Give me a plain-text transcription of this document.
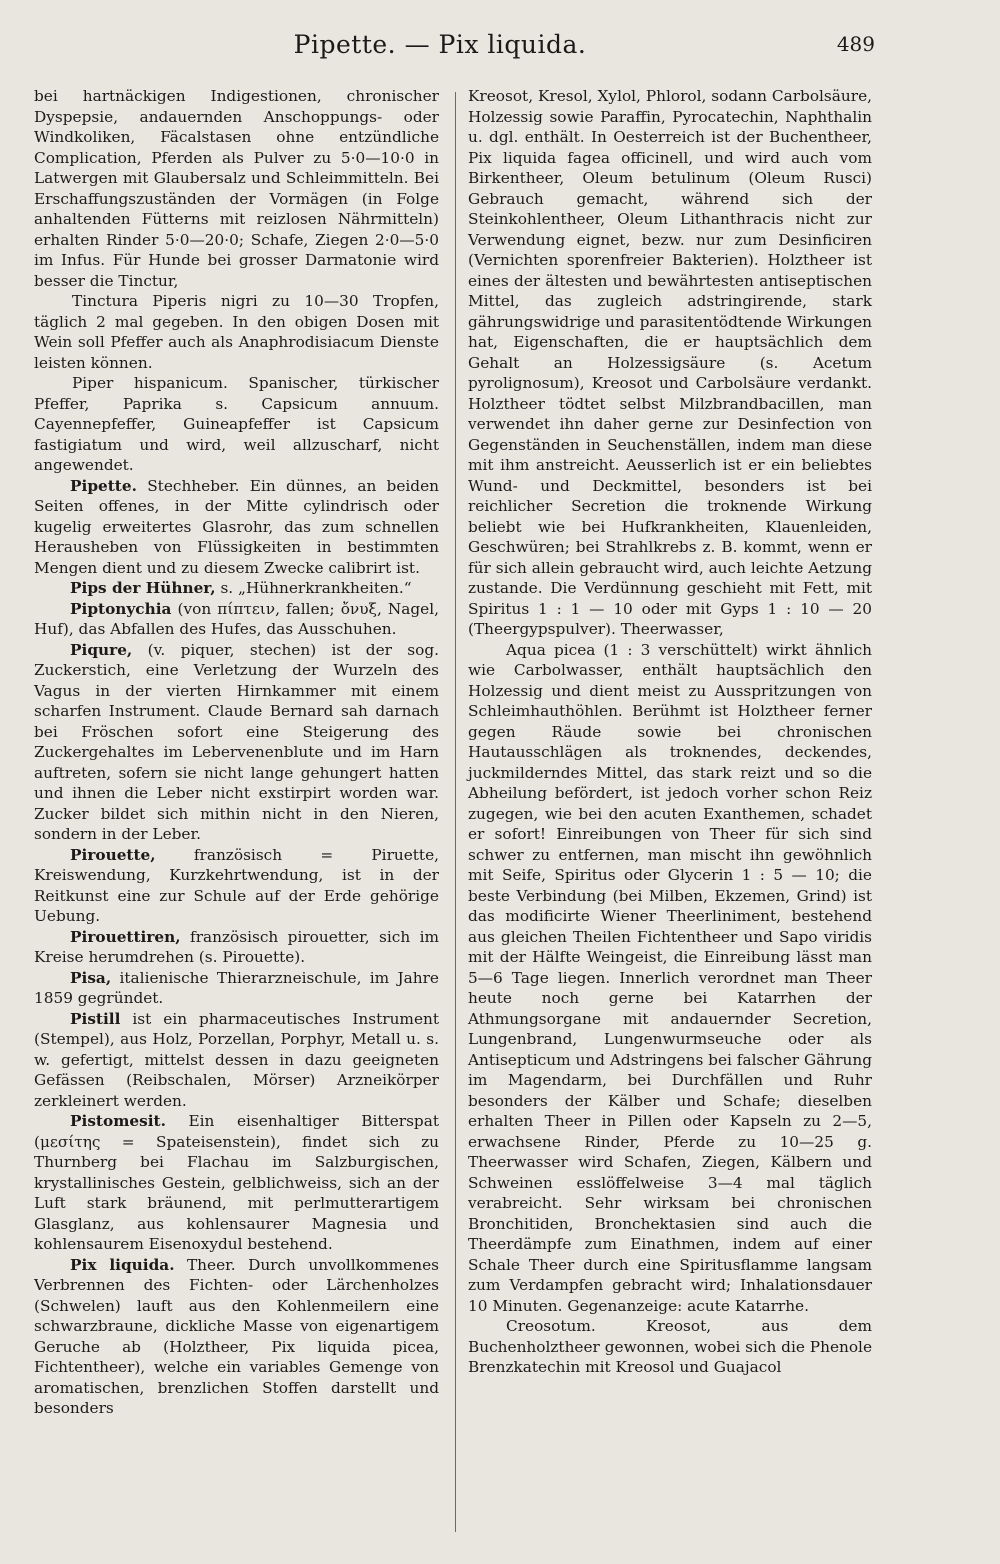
Pipette. — Pix liquida.	489

bei hartnäckigen Indigestionen, chronischer Dyspepsie, andauernden Anschoppungs- oder Windkoliken, Fäcalstasen ohne entzündliche Complication, Pferden als Pulver zu 5·0—10·0 in Latwergen mit Glaubersalz und Schleimmitteln. Bei Erschaffungszuständen der Vormägen (in Folge anhaltenden Fütterns mit reizlosen Nährmitteln) erhalten Rinder 5·0—20·0; Schafe, Ziegen 2·0—5·0 im Infus. Für Hunde bei grosser Darmatonie wird besser die Tinctur,

Tinctura Piperis nigri zu 10—30 Tropfen, täglich 2 mal gegeben. In den obigen Dosen mit Wein soll Pfeffer auch als Anaphrodisiacum Dienste leisten können.

Piper hispanicum. Spanischer, türkischer Pfeffer, Paprika s. Capsicum annuum. Cayennepfeffer, Guineapfeffer ist Capsicum fastigiatum und wird, weil allzuscharf, nicht angewendet.

Pipette. Stechheber. Ein dünnes, an beiden Seiten offenes, in der Mitte cylindrisch oder kugelig erweitertes Glasrohr, das zum schnellen Herausheben von Flüssigkeiten in bestimmten Mengen dient und zu diesem Zwecke calibrirt ist.

Pips der Hühner, s. „Hühnerkrankheiten.“

Piptonychia (von πίπτειν, fallen; ὄνυξ, Nagel, Huf), das Abfallen des Hufes, das Ausschuhen.

Piqure, (v. piquer, stechen) ist der sog. Zuckerstich, eine Verletzung der Wurzeln des Vagus in der vierten Hirnkammer mit einem scharfen Instrument. Claude Bernard sah darnach bei Fröschen sofort eine Steigerung des Zuckergehaltes im Lebervenenblute und im Harn auftreten, sofern sie nicht lange gehungert hatten und ihnen die Leber nicht exstirpirt worden war. Zucker bildet sich mithin nicht in den Nieren, sondern in der Leber.

Pirouette, französisch = Piruette, Kreiswendung, Kurzkehrtwendung, ist in der Reitkunst eine zur Schule auf der Erde gehörige Uebung.

Pirouettiren, französisch pirouetter, sich im Kreise herumdrehen (s. Pirouette).

Pisa, italienische Thierarzneischule, im Jahre 1859 gegründet.

Pistill ist ein pharmaceutisches Instrument (Stempel), aus Holz, Porzellan, Porphyr, Metall u. s. w. gefertigt, mittelst dessen in dazu geeigneten Gefässen (Reibschalen, Mörser) Arzneikörper zerkleinert werden.

Pistomesit. Ein eisenhaltiger Bitterspat (μεσίτης = Spateisenstein), findet sich zu Thurnberg bei Flachau im Salzburgischen, krystallinisches Gestein, gelblichweiss, sich an der Luft stark bräunend, mit perlmutterartigem Glasglanz, aus kohlensaurer Magnesia und kohlensaurem Eisenoxydul bestehend.

Pix liquida. Theer. Durch unvollkommenes Verbrennen des Fichten- oder Lärchenholzes (Schwelen) lauft aus den Kohlenmeilern eine schwarzbraune, dickliche Masse von eigenartigem Geruche ab (Holztheer, Pix liquida picea, Fichtentheer), welche ein variables Gemenge von aromatischen, brenzlichen Stoffen darstellt und besonders

Kreosot, Kresol, Xylol, Phlorol, sodann Carbolsäure, Holzessig sowie Paraffin, Pyrocatechin, Naphthalin u. dgl. enthält. In Oesterreich ist der Buchentheer, Pix liquida fagea officinell, und wird auch vom Birkentheer, Oleum betulinum (Oleum Rusci) Gebrauch gemacht, während sich der Steinkohlentheer, Oleum Lithanthracis nicht zur Verwendung eignet, bezw. nur zum Desinficiren (Vernichten sporenfreier Bakterien). Holztheer ist eines der ältesten und bewährtesten antiseptischen Mittel, das zugleich adstringirende, stark gährungswidrige und parasitentödtende Wirkungen hat, Eigenschaften, die er hauptsächlich dem Gehalt an Holzessigsäure (s. Acetum pyrolignosum), Kreosot und Carbolsäure verdankt. Holztheer tödtet selbst Milzbrandbacillen, man verwendet ihn daher gerne zur Desinfection von Gegenständen in Seuchenställen, indem man diese mit ihm anstreicht. Aeusserlich ist er ein beliebtes Wund- und Deckmittel, besonders ist bei reichlicher Secretion die troknende Wirkung beliebt wie bei Hufkrankheiten, Klauenleiden, Geschwüren; bei Strahlkrebs z. B. kommt, wenn er für sich allein gebraucht wird, auch leichte Aetzung zustande. Die Verdünnung geschieht mit Fett, mit Spiritus 1 : 1 — 10 oder mit Gyps 1 : 10 — 20 (Theergypspulver). Theerwasser,

Aqua picea (1 : 3 verschüttelt) wirkt ähnlich wie Carbolwasser, enthält hauptsächlich den Holzessig und dient meist zu Ausspritzungen von Schleimhauthöhlen. Berühmt ist Holztheer ferner gegen Räude sowie bei chronischen Hautausschlägen als troknendes, deckendes, juckmilderndes Mittel, das stark reizt und so die Abheilung befördert, ist jedoch vorher schon Reiz zugegen, wie bei den acuten Exanthemen, schadet er sofort! Einreibungen von Theer für sich sind schwer zu entfernen, man mischt ihn gewöhnlich mit Seife, Spiritus oder Glycerin 1 : 5 — 10; die beste Verbindung (bei Milben, Ekzemen, Grind) ist das modificirte Wiener Theerliniment, bestehend aus gleichen Theilen Fichtentheer und Sapo viridis mit der Hälfte Weingeist, die Einreibung lässt man 5—6 Tage liegen. Innerlich verordnet man Theer heute noch gerne bei Katarrhen der Athmungsorgane mit andauernder Secretion, Lungenbrand, Lungenwurmseuche oder als Antisepticum und Adstringens bei falscher Gährung im Magendarm, bei Durchfällen und Ruhr besonders der Kälber und Schafe; dieselben erhalten Theer in Pillen oder Kapseln zu 2—5, erwachsene Rinder, Pferde zu 10—25 g. Theerwasser wird Schafen, Ziegen, Kälbern und Schweinen esslöffelweise 3—4 mal täglich verabreicht. Sehr wirksam bei chronischen Bronchitiden, Bronchektasien sind auch die Theerdämpfe zum Einathmen, indem auf einer Schale Theer durch eine Spiritusflamme langsam zum Verdampfen gebracht wird; Inhalationsdauer 10 Minuten. Gegenanzeige: acute Katarrhe.

Creosotum. Kreosot, aus dem Buchenholztheer gewonnen, wobei sich die Phenole Brenzkatechin mit Kreosol und Guajacol
